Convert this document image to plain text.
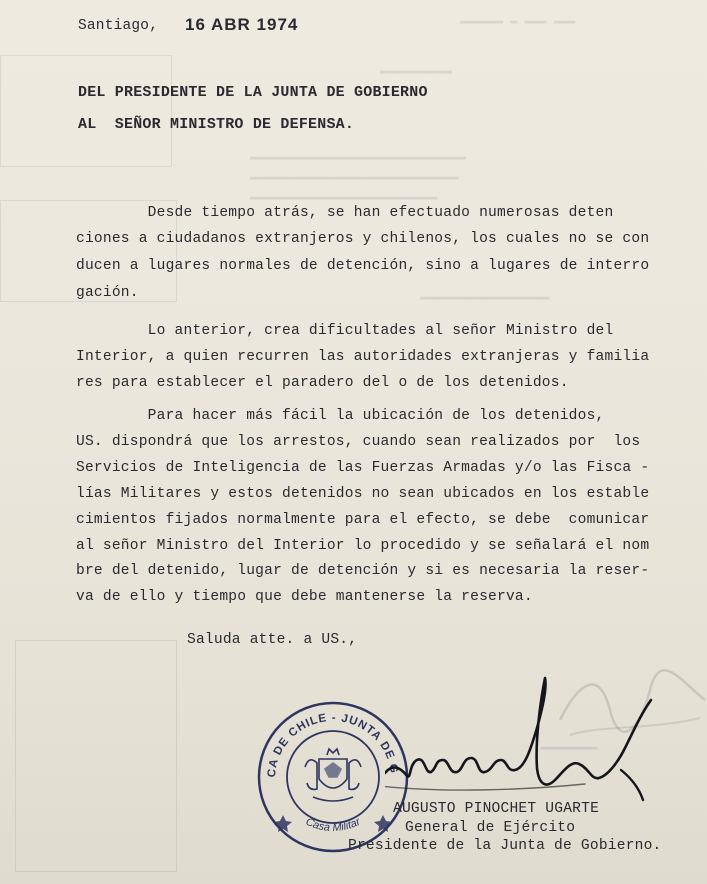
▬▬▬▬▬▬ ▬ ▬▬▬ ▬▬▬
▬▬▬▬▬▬▬▬▬▬
▬▬▬▬▬▬▬▬▬▬▬▬▬▬▬▬▬▬▬▬▬▬▬▬▬▬▬▬▬▬
▬▬▬▬▬▬▬▬▬▬▬▬▬▬▬▬▬▬▬▬▬▬▬▬▬▬▬▬▬
▬▬▬▬▬▬▬▬▬▬▬▬▬▬▬▬▬▬▬▬▬▬▬▬▬▬
▬▬▬▬▬▬▬▬▬▬▬▬▬▬▬▬▬▬
▬▬▬▬▬▬▬▬
Santiago, 16 ABR 1974
DEL PRESIDENTE DE LA JUNTA DE GOBIERNO
AL  SEÑOR MINISTRO DE DEFENSA.
Desde tiempo atrás, se han efectuado numerosas deten
ciones a ciudadanos extranjeros y chilenos, los cuales no se con
ducen a lugares normales de detención, sino a lugares de interro
gación.
Lo anterior, crea dificultades al señor Ministro del
Interior, a quien recurren las autoridades extranjeras y familia
res para establecer el paradero del o de los detenidos.
Para hacer más fácil la ubicación de los detenidos,
US. dispondrá que los arrestos, cuando sean realizados por  los
Servicios de Inteligencia de las Fuerzas Armadas y/o las Fisca -
lías Militares y estos detenidos no sean ubicados en los estable
cimientos fijados normalmente para el efecto, se debe  comunicar
al señor Ministro del Interior lo procedido y se señalará el nom
bre del detenido, lugar de detención y si es necesaria la reser-
va de ello y tiempo que debe mantenerse la reserva.
Saluda atte. a US.,
CA DE CHILE - JUNTA DE G
Casa Militar
AUGUSTO PINOCHET UGARTE
General de Ejército
Presidente de la Junta de Gobierno.
